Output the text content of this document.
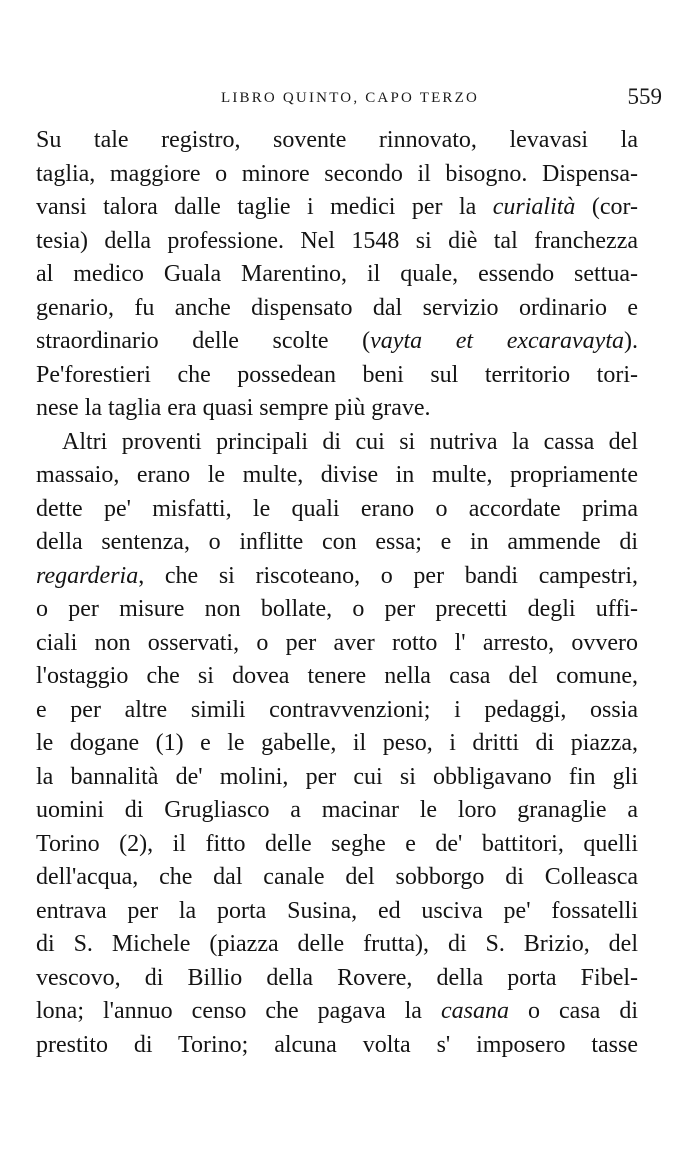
LIBRO QUINTO, CAPO TERZO	559
Su tale registro, sovente rinnovato, levavasi la
taglia, maggiore o minore secondo il bisogno. Dispensa-
vansi talora dalle taglie i medici per la curialità (cor-
tesia) della professione. Nel 1548 si diè tal franchezza
al medico Guala Marentino, il quale, essendo settua-
genario, fu anche dispensato dal servizio ordinario e
straordinario delle scolte (vayta et excaravayta).
Pe'forestieri che possedean beni sul territorio tori-
nese la taglia era quasi sempre più grave.
Altri proventi principali di cui si nutriva la cassa del
massaio, erano le multe, divise in multe, propriamente
dette pe' misfatti, le quali erano o accordate prima
della sentenza, o inflitte con essa; e in ammende di
regarderia, che si riscoteano, o per bandi campestri,
o per misure non bollate, o per precetti degli uffi-
ciali non osservati, o per aver rotto l' arresto, ovvero
l'ostaggio che si dovea tenere nella casa del comune,
e per altre simili contravvenzioni; i pedaggi, ossia
le dogane (1) e le gabelle, il peso, i dritti di piazza,
la bannalità de' molini, per cui si obbligavano fin gli
uomini di Grugliasco a macinar le loro granaglie a
Torino (2), il fitto delle seghe e de' battitori, quelli
dell'acqua, che dal canale del sobborgo di Colleasca
entrava per la porta Susina, ed usciva pe' fossatelli
di S. Michele (piazza delle frutta), di S. Brizio, del
vescovo, di Billio della Rovere, della porta Fibel-
lona; l'annuo censo che pagava la casana o casa di
prestito di Torino; alcuna volta s' imposero tasse
